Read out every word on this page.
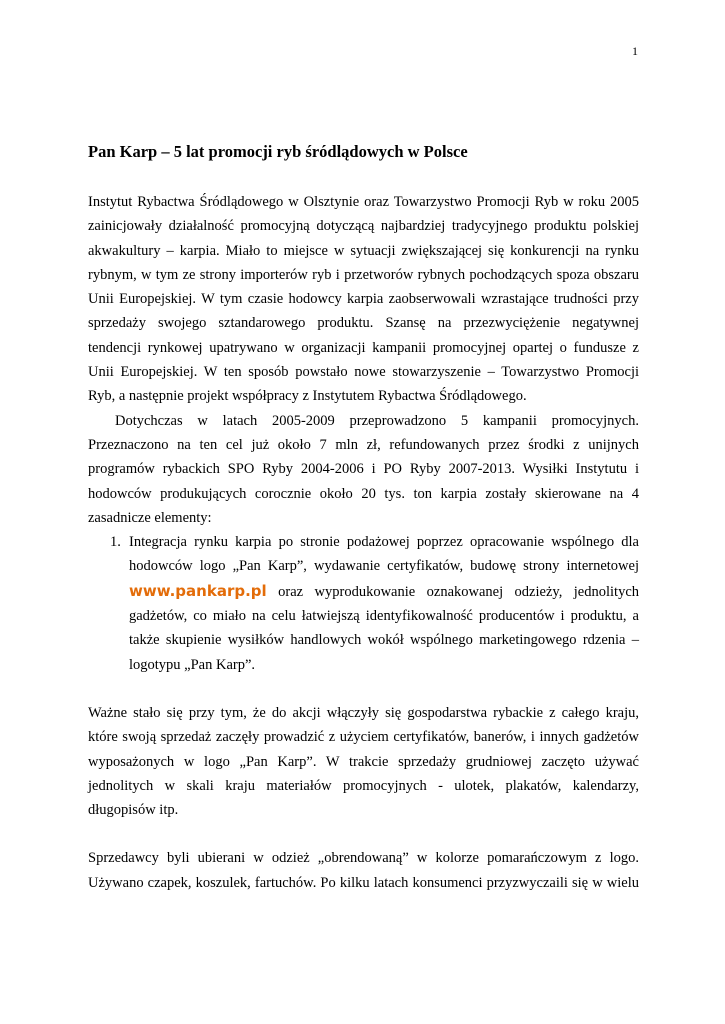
1
Pan Karp – 5 lat promocji ryb śródlądowych w Polsce
Instytut Rybactwa Śródlądowego w Olsztynie oraz Towarzystwo Promocji Ryb w roku 2005
zainicjowały działalność promocyjną dotyczącą najbardziej tradycyjnego produktu polskiej
akwakultury – karpia. Miało to miejsce w sytuacji zwiększającej się konkurencji na rynku
rybnym, w tym ze strony importerów ryb i przetworów rybnych pochodzących spoza obszaru
Unii Europejskiej. W tym czasie hodowcy karpia zaobserwowali wzrastające trudności przy
sprzedaży swojego sztandarowego produktu. Szansę na przezwyciężenie negatywnej
tendencji rynkowej upatrywano w organizacji kampanii promocyjnej opartej o fundusze z
Unii Europejskiej. W ten sposób powstało nowe stowarzyszenie – Towarzystwo Promocji
Ryb, a następnie projekt współpracy z Instytutem Rybactwa Śródlądowego.
Dotychczas w latach 2005-2009 przeprowadzono 5 kampanii promocyjnych.
Przeznaczono na ten cel już około 7 mln zł, refundowanych przez środki z unijnych
programów rybackich SPO Ryby 2004-2006 i PO Ryby 2007-2013. Wysiłki Instytutu i
hodowców produkujących corocznie około 20 tys. ton karpia zostały skierowane na 4
zasadnicze elementy:
1. Integracja rynku karpia po stronie podażowej poprzez opracowanie wspólnego dla
hodowców logo „Pan Karp”, wydawanie certyfikatów, budowę strony internetowej
www.pankarp.pl oraz wyprodukowanie oznakowanej odzieży, jednolitych
gadżetów, co miało na celu łatwiejszą identyfikowalność producentów i produktu, a
także skupienie wysiłków handlowych wokół wspólnego marketingowego rdzenia –
logotypu „Pan Karp”.
Ważne stało się przy tym, że do akcji włączyły się gospodarstwa rybackie z całego kraju,
które swoją sprzedaż zaczęły prowadzić z użyciem certyfikatów, banerów, i innych gadżetów
wyposażonych w logo „Pan Karp”. W trakcie sprzedaży grudniowej zaczęto używać
jednolitych w skali kraju materiałów promocyjnych - ulotek, plakatów, kalendarzy,
długopisów itp.
Sprzedawcy byli ubierani w odzież „obrendowaną” w kolorze pomarańczowym z logo.
Używano czapek, koszulek, fartuchów. Po kilku latach konsumenci przyzwyczaili się w wielu
